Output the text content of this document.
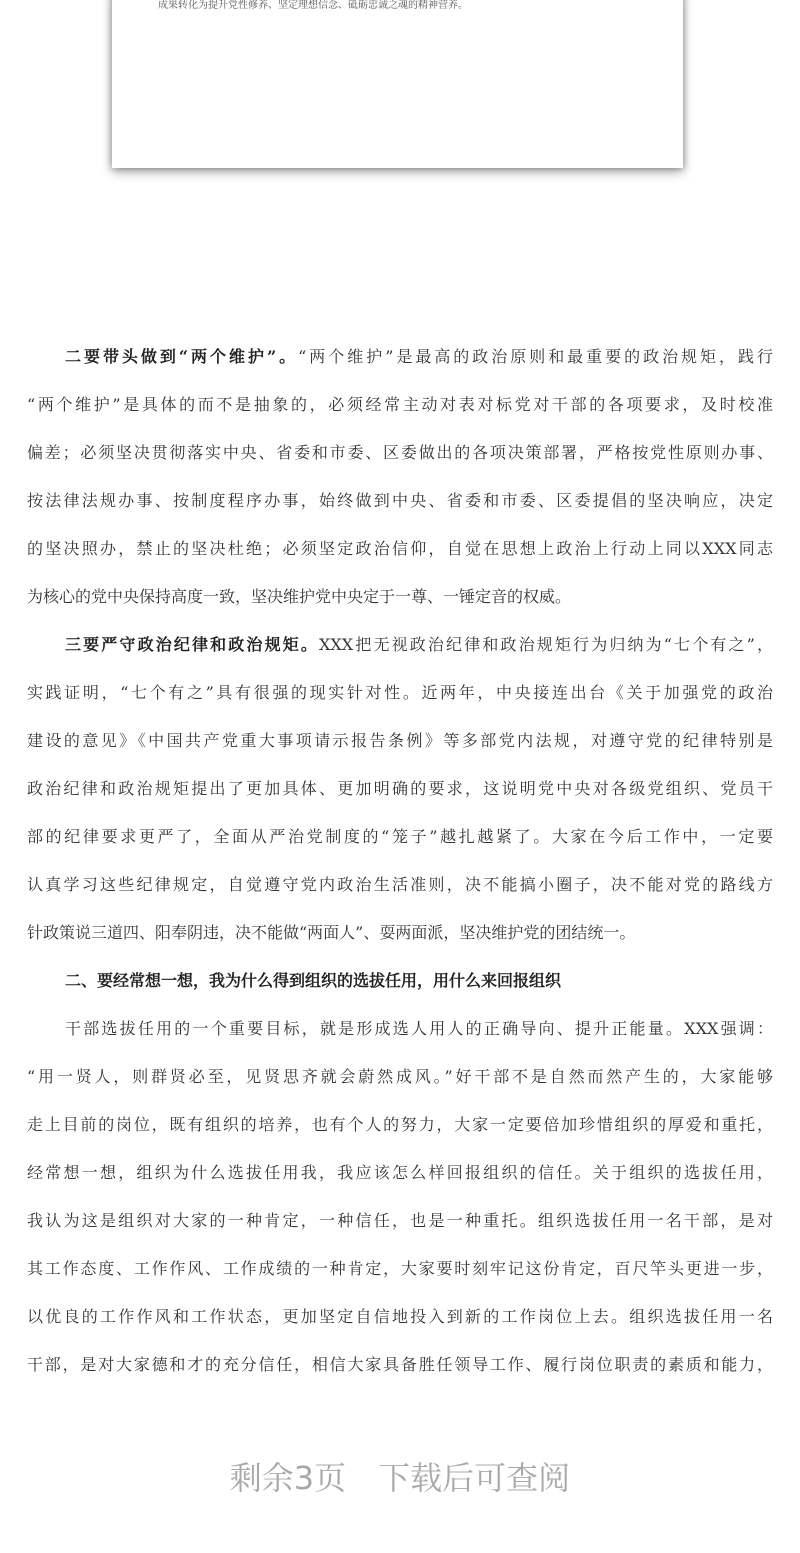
成果转化为提升党性修养、坚定理想信念、砥砺忠诚之魂的精神营养。
二要带头做到“两个维护”。“两个维护”是最高的政治原则和最重要的政治规矩，践行
“两个维护”是具体的而不是抽象的，必须经常主动对表对标党对干部的各项要求，及时校准
偏差；必须坚决贯彻落实中央、省委和市委、区委做出的各项决策部署，严格按党性原则办事、
按法律法规办事、按制度程序办事，始终做到中央、省委和市委、区委提倡的坚决响应，决定
的坚决照办，禁止的坚决杜绝；必须坚定政治信仰，自觉在思想上政治上行动上同以XXX同志
为核心的党中央保持高度一致，坚决维护党中央定于一尊、一锤定音的权威。
三要严守政治纪律和政治规矩。XXX把无视政治纪律和政治规矩行为归纳为“七个有之”，
实践证明，“七个有之”具有很强的现实针对性。近两年，中央接连出台《关于加强党的政治
建设的意见》《中国共产党重大事项请示报告条例》等多部党内法规，对遵守党的纪律特别是
政治纪律和政治规矩提出了更加具体、更加明确的要求，这说明党中央对各级党组织、党员干
部的纪律要求更严了，全面从严治党制度的“笼子”越扎越紧了。大家在今后工作中，一定要
认真学习这些纪律规定，自觉遵守党内政治生活准则，决不能搞小圈子，决不能对党的路线方
针政策说三道四、阳奉阴违，决不能做“两面人”、耍两面派，坚决维护党的团结统一。
二、要经常想一想，我为什么得到组织的选拔任用，用什么来回报组织
干部选拔任用的一个重要目标，就是形成选人用人的正确导向、提升正能量。XXX强调：
“用一贤人，则群贤必至，见贤思齐就会蔚然成风。”好干部不是自然而然产生的，大家能够
走上目前的岗位，既有组织的培养，也有个人的努力，大家一定要倍加珍惜组织的厚爱和重托，
经常想一想，组织为什么选拔任用我，我应该怎么样回报组织的信任。关于组织的选拔任用，
我认为这是组织对大家的一种肯定，一种信任，也是一种重托。组织选拔任用一名干部，是对
其工作态度、工作作风、工作成绩的一种肯定，大家要时刻牢记这份肯定，百尺竿头更进一步，
以优良的工作作风和工作状态，更加坚定自信地投入到新的工作岗位上去。组织选拔任用一名
干部，是对大家德和才的充分信任，相信大家具备胜任领导工作、履行岗位职责的素质和能力，
剩余3页 下载后可查阅
